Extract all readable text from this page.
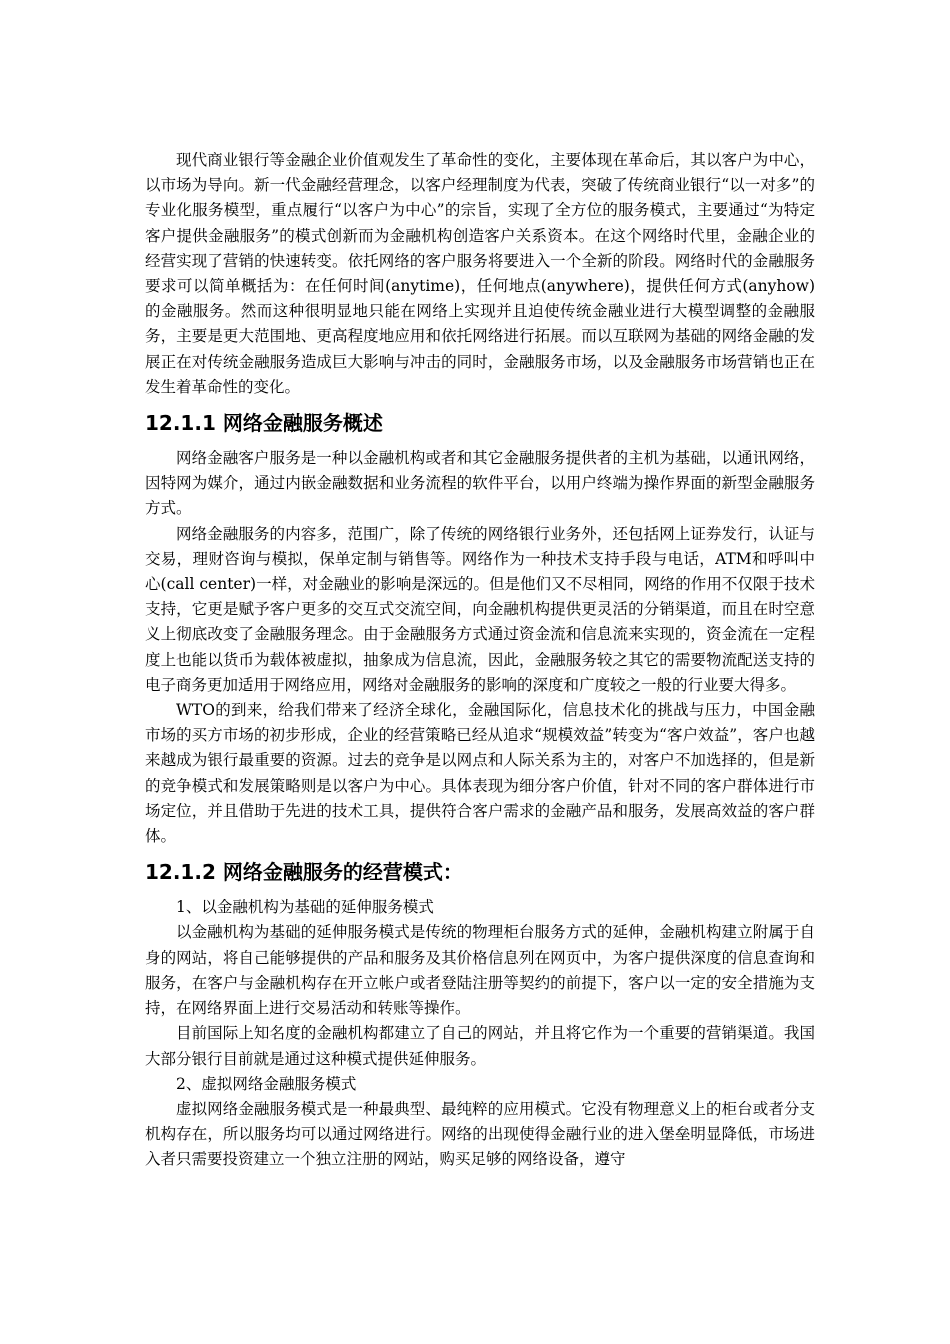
现代商业银行等金融企业价值观发生了革命性的变化，主要体现在革命后，其以客户为中心，以市场为导向。新一代金融经营理念，以客户经理制度为代表，突破了传统商业银行“以一对多”的专业化服务模型，重点履行“以客户为中心”的宗旨，实现了全方位的服务模式，主要通过“为特定客户提供金融服务”的模式创新而为金融机构创造客户关系资本。在这个网络时代里，金融企业的经营实现了营销的快速转变。依托网络的客户服务将要进入一个全新的阶段。网络时代的金融服务要求可以简单概括为：在任何时间(anytime)，任何地点(anywhere)，提供任何方式(anyhow)的金融服务。然而这种很明显地只能在网络上实现并且迫使传统金融业进行大模型调整的金融服务，主要是更大范围地、更高程度地应用和依托网络进行拓展。而以互联网为基础的网络金融的发展正在对传统金融服务造成巨大影响与冲击的同时，金融服务市场，以及金融服务市场营销也正在发生着革命性的变化。

12.1.1 网络金融服务概述

网络金融客户服务是一种以金融机构或者和其它金融服务提供者的主机为基础，以通讯网络，因特网为媒介，通过内嵌金融数据和业务流程的软件平台，以用户终端为操作界面的新型金融服务方式。

网络金融服务的内容多，范围广，除了传统的网络银行业务外，还包括网上证券发行，认证与交易，理财咨询与模拟，保单定制与销售等。网络作为一种技术支持手段与电话，ATM和呼叫中心(call center)一样，对金融业的影响是深远的。但是他们又不尽相同，网络的作用不仅限于技术支持，它更是赋予客户更多的交互式交流空间，向金融机构提供更灵活的分销渠道，而且在时空意义上彻底改变了金融服务理念。由于金融服务方式通过资金流和信息流来实现的，资金流在一定程度上也能以货币为载体被虚拟，抽象成为信息流，因此，金融服务较之其它的需要物流配送支持的电子商务更加适用于网络应用，网络对金融服务的影响的深度和广度较之一般的行业要大得多。

WTO的到来，给我们带来了经济全球化，金融国际化，信息技术化的挑战与压力，中国金融市场的买方市场的初步形成，企业的经营策略已经从追求“规模效益”转变为“客户效益”，客户也越来越成为银行最重要的资源。过去的竞争是以网点和人际关系为主的，对客户不加选择的，但是新的竞争模式和发展策略则是以客户为中心。具体表现为细分客户价值，针对不同的客户群体进行市场定位，并且借助于先进的技术工具，提供符合客户需求的金融产品和服务，发展高效益的客户群体。

12.1.2 网络金融服务的经营模式：

1、以金融机构为基础的延伸服务模式

以金融机构为基础的延伸服务模式是传统的物理柜台服务方式的延伸，金融机构建立附属于自身的网站，将自己能够提供的产品和服务及其价格信息列在网页中，为客户提供深度的信息查询和服务，在客户与金融机构存在开立帐户或者登陆注册等契约的前提下，客户以一定的安全措施为支持，在网络界面上进行交易活动和转账等操作。

目前国际上知名度的金融机构都建立了自己的网站，并且将它作为一个重要的营销渠道。我国大部分银行目前就是通过这种模式提供延伸服务。

2、虚拟网络金融服务模式

虚拟网络金融服务模式是一种最典型、最纯粹的应用模式。它没有物理意义上的柜台或者分支机构存在，所以服务均可以通过网络进行。网络的出现使得金融行业的进入堡垒明显降低，市场进入者只需要投资建立一个独立注册的网站，购买足够的网络设备，遵守
